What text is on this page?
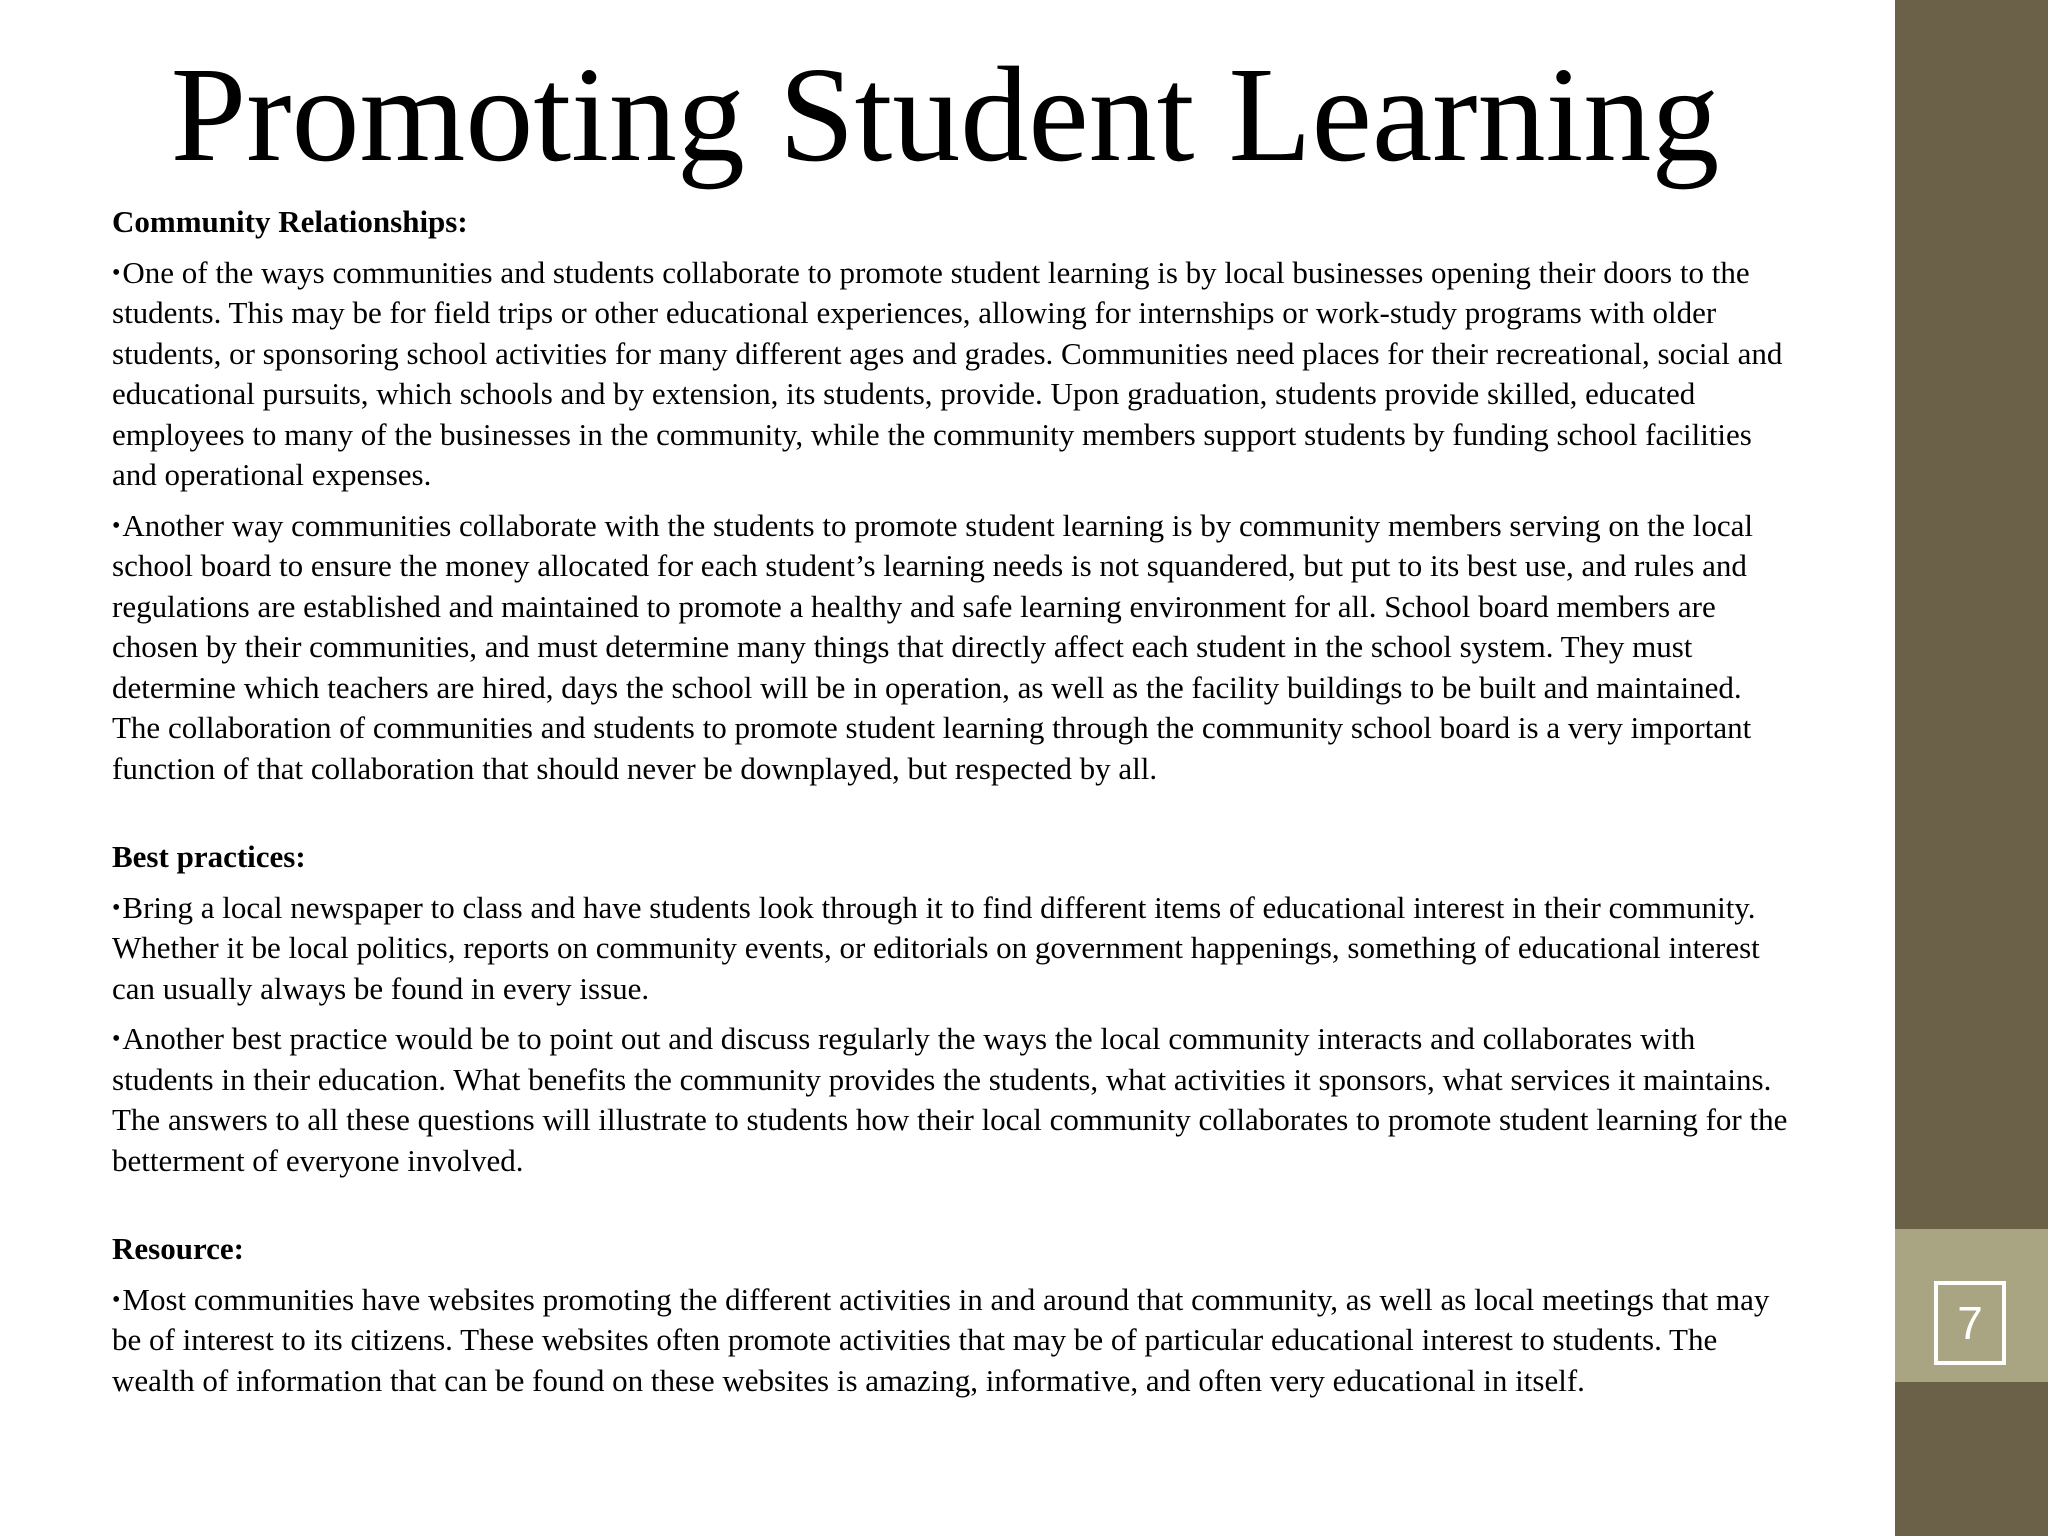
7
Promoting Student Learning

Community Relationships:

•One of the ways communities and students collaborate to promote student learning is by local businesses opening their doors to the students. This may be for field trips or other educational experiences, allowing for internships or work-study programs with older students, or sponsoring school activities for many different ages and grades. Communities need places for their recreational, social and educational pursuits, which schools and by extension, its students, provide. Upon graduation, students provide skilled, educated employees to many of the businesses in the community, while the community members support students by funding school facilities and operational expenses.

•Another way communities collaborate with the students to promote student learning is by community members serving on the local school board to ensure the money allocated for each student’s learning needs is not squandered, but put to its best use, and rules and regulations are established and maintained to promote a healthy and safe learning environment for all. School board members are chosen by their communities, and must determine many things that directly affect each student in the school system. They must determine which teachers are hired, days the school will be in operation, as well as the facility buildings to be built and maintained. The collaboration of communities and students to promote student learning through the community school board is a very important function of that collaboration that should never be downplayed, but respected by all.

Best practices:

•Bring a local newspaper to class and have students look through it to find different items of educational interest in their community. Whether it be local politics, reports on community events, or editorials on government happenings, something of educational interest can usually always be found in every issue.

•Another best practice would be to point out and discuss regularly the ways the local community interacts and collaborates with students in their education. What benefits the community provides the students, what activities it sponsors, what services it maintains. The answers to all these questions will illustrate to students how their local community collaborates to promote student learning for the betterment of everyone involved.

Resource:

•Most communities have websites promoting the different activities in and around that community, as well as local meetings that may be of interest to its citizens. These websites often promote activities that may be of particular educational interest to students. The wealth of information that can be found on these websites is amazing, informative, and often very educational in itself.
